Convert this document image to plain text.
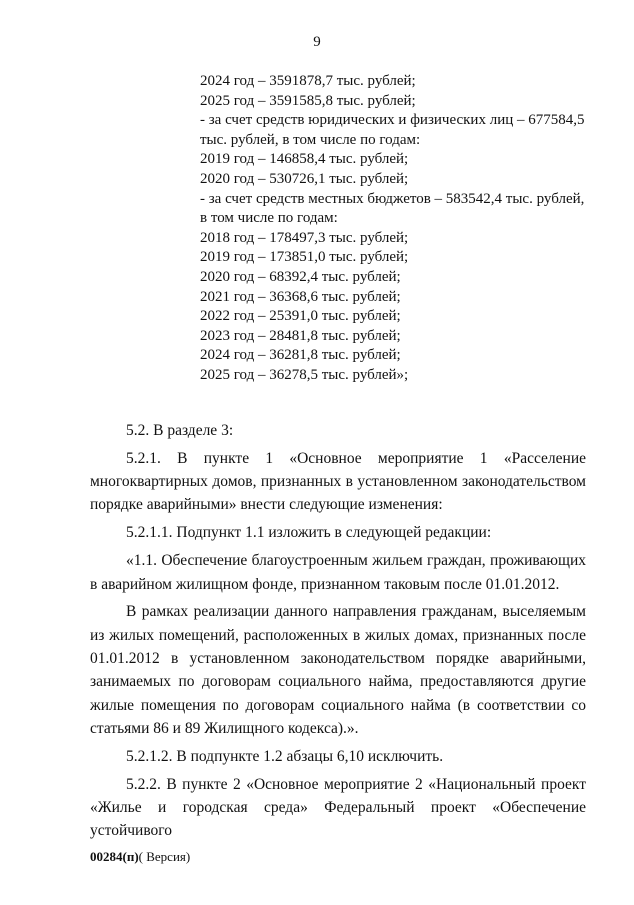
9
2024 год – 3591878,7 тыс. рублей;
2025 год – 3591585,8 тыс. рублей;
- за счет средств юридических и физических лиц – 677584,5
тыс. рублей, в том числе по годам:
2019 год – 146858,4 тыс. рублей;
2020 год – 530726,1 тыс. рублей;
- за счет средств местных бюджетов – 583542,4 тыс. рублей,
в том числе по годам:
2018 год – 178497,3 тыс. рублей;
2019 год – 173851,0 тыс. рублей;
2020 год – 68392,4 тыс. рублей;
2021 год – 36368,6 тыс. рублей;
2022 год – 25391,0 тыс. рублей;
2023 год – 28481,8 тыс. рублей;
2024 год – 36281,8 тыс. рублей;
2025 год – 36278,5 тыс. рублей»;

5.2. В разделе 3:

5.2.1. В пункте 1 «Основное мероприятие 1 «Расселение многоквартирных домов, признанных в установленном законодательством порядке аварийными» внести следующие изменения:

5.2.1.1. Подпункт 1.1 изложить в следующей редакции:

«1.1. Обеспечение благоустроенным жильем граждан, проживающих в аварийном жилищном фонде, признанном таковым после 01.01.2012.

В рамках реализации данного направления гражданам, выселяемым из жилых помещений, расположенных в жилых домах, признанных после 01.01.2012 в установленном законодательством порядке аварийными, занимаемых по договорам социального найма, предоставляются другие жилые помещения по договорам социального найма (в соответствии со статьями 86 и 89 Жилищного кодекса).».

5.2.1.2. В подпункте 1.2 абзацы 6,10 исключить.

5.2.2. В пункте 2 «Основное мероприятие 2 «Национальный проект «Жилье и городская среда» Федеральный проект «Обеспечение устойчивого

00284(п)( Версия)
